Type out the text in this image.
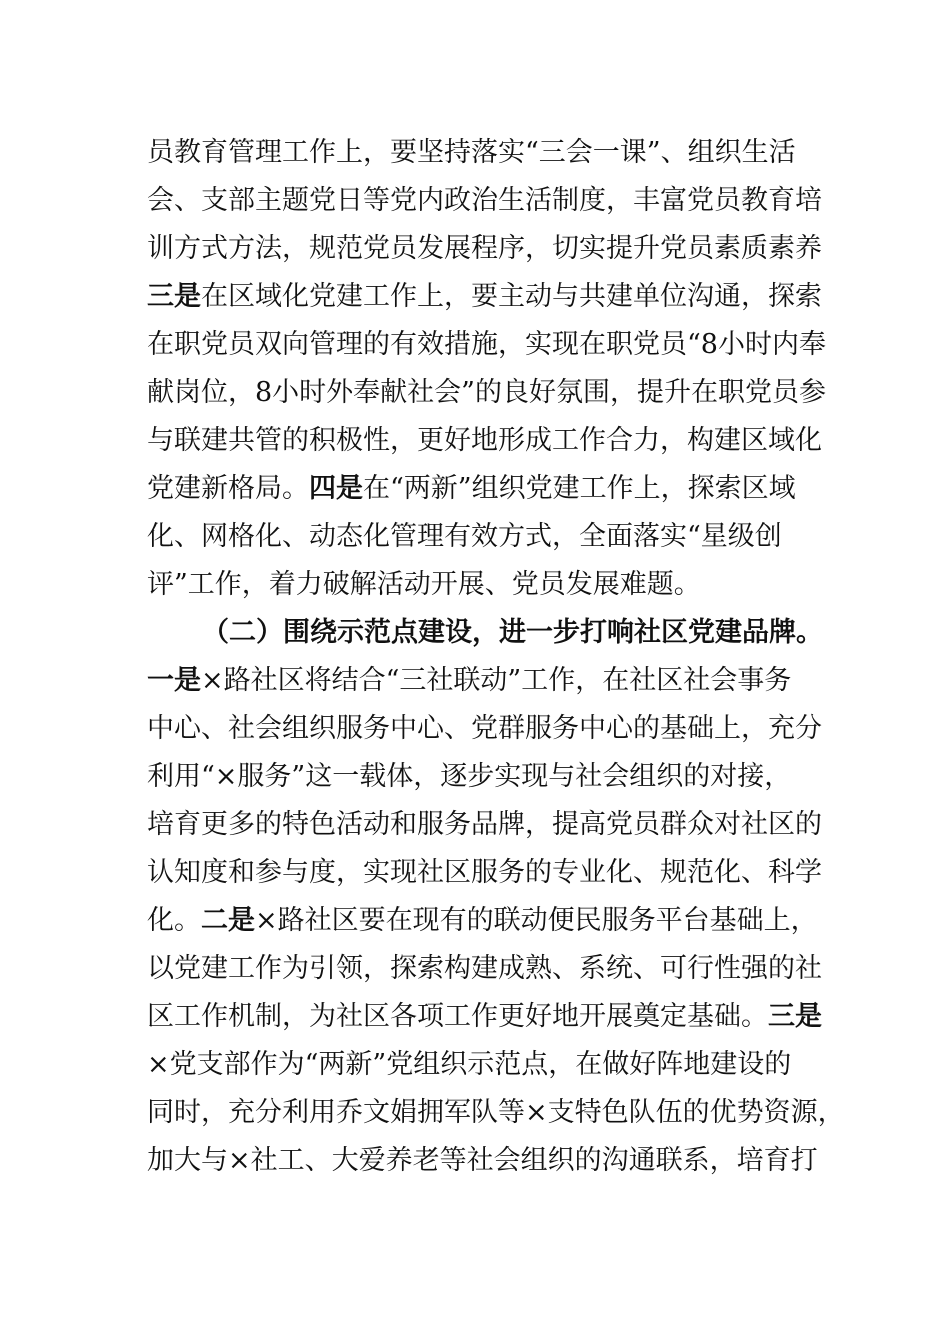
员教育管理工作上，要坚持落实“三会一课”、组织生活
会、支部主题党日等党内政治生活制度，丰富党员教育培
训方式方法，规范党员发展程序，切实提升党员素质素养
三是在区域化党建工作上，要主动与共建单位沟通，探索
在职党员双向管理的有效措施，实现在职党员“8小时内奉
献岗位，8小时外奉献社会”的良好氛围，提升在职党员参
与联建共管的积极性，更好地形成工作合力，构建区域化
党建新格局。四是在“两新”组织党建工作上，探索区域
化、网格化、动态化管理有效方式，全面落实“星级创
评”工作，着力破解活动开展、党员发展难题。
（二）围绕示范点建设，进一步打响社区党建品牌。
一是×路社区将结合“三社联动”工作，在社区社会事务
中心、社会组织服务中心、党群服务中心的基础上，充分
利用“×服务”这一载体，逐步实现与社会组织的对接，
培育更多的特色活动和服务品牌，提高党员群众对社区的
认知度和参与度，实现社区服务的专业化、规范化、科学
化。二是×路社区要在现有的联动便民服务平台基础上，
以党建工作为引领，探索构建成熟、系统、可行性强的社
区工作机制，为社区各项工作更好地开展奠定基础。三是
×党支部作为“两新”党组织示范点，在做好阵地建设的
同时，充分利用乔文娟拥军队等×支特色队伍的优势资源，
加大与×社工、大爱养老等社会组织的沟通联系，培育打
